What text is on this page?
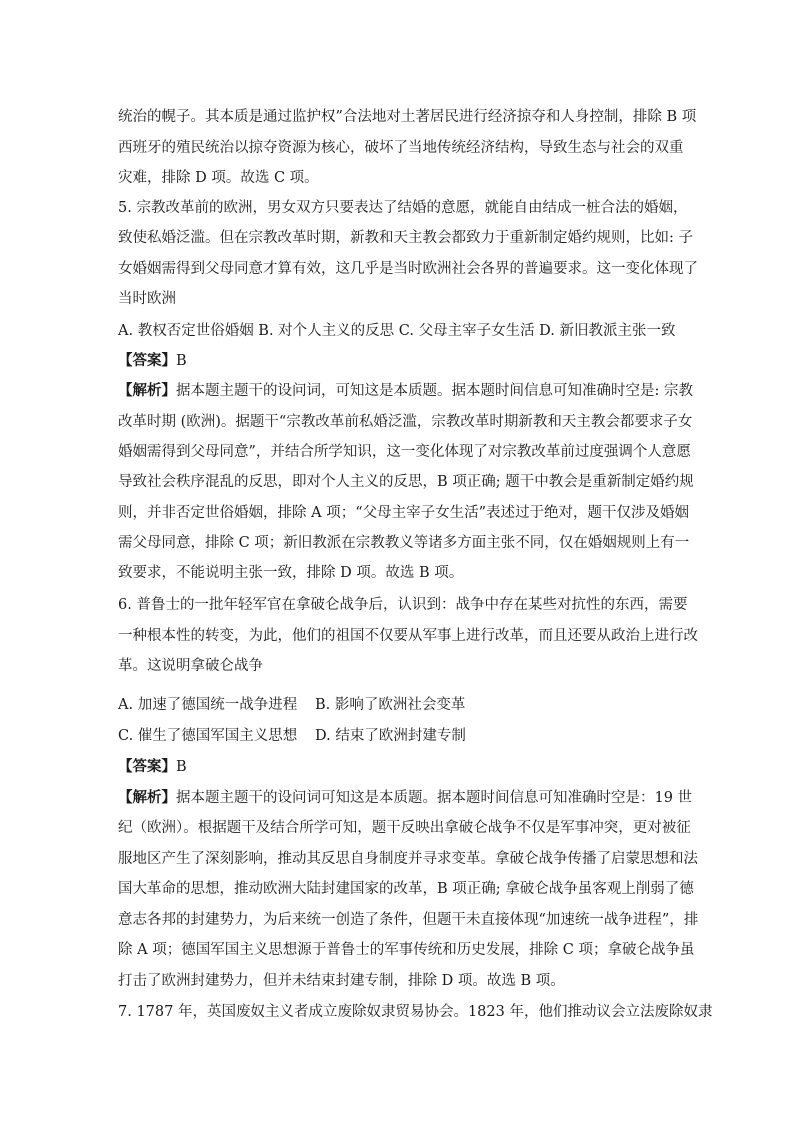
统治的幌子。其本质是通过监护权”合法地对土著居民进行经济掠夺和人身控制，排除 B 项
西班牙的殖民统治以掠夺资源为核心，破坏了当地传统经济结构，导致生态与社会的双重
灾难，排除 D 项。故选 C 项。
5. 宗教改革前的欧洲，男女双方只要表达了结婚的意愿，就能自由结成一桩合法的婚姻，
致使私婚泛滥。但在宗教改革时期，新教和天主教会都致力于重新制定婚约规则，比如: 子
女婚姻需得到父母同意才算有效，这几乎是当时欧洲社会各界的普遍要求。这一变化体现了
当时欧洲
A. 教权否定世俗婚姻 B. 对个人主义的反思 C. 父母主宰子女生活 D. 新旧教派主张一致
【答案】B
【解析】据本题主题干的设问词，可知这是本质题。据本题时间信息可知准确时空是: 宗教
改革时期 (欧洲)。据题干“宗教改革前私婚泛滥，宗教改革时期新教和天主教会都要求子女
婚姻需得到父母同意”，并结合所学知识，这一变化体现了对宗教改革前过度强调个人意愿
导致社会秩序混乱的反思，即对个人主义的反思，B 项正确; 题干中教会是重新制定婚约规
则，并非否定世俗婚姻，排除 A 项；“父母主宰子女生活”表述过于绝对，题干仅涉及婚姻
需父母同意，排除 C 项；新旧教派在宗教教义等诸多方面主张不同，仅在婚姻规则上有一
致要求，不能说明主张一致，排除 D 项。故选 B 项。
6. 普鲁士的一批年轻军官在拿破仑战争后，认识到：战争中存在某些对抗性的东西，需要
一种根本性的转变，为此，他们的祖国不仅要从军事上进行改革，而且还要从政治上进行改
革。这说明拿破仑战争
A. 加速了德国统一战争进程 B. 影响了欧洲社会变革
C. 催生了德国军国主义思想 D. 结束了欧洲封建专制
【答案】B
【解析】据本题主题干的设问词可知这是本质题。据本题时间信息可知准确时空是：19 世
纪（欧洲）。根据题干及结合所学可知，题干反映出拿破仑战争不仅是军事冲突，更对被征
服地区产生了深刻影响，推动其反思自身制度并寻求变革。拿破仑战争传播了启蒙思想和法
国大革命的思想，推动欧洲大陆封建国家的改革，B 项正确; 拿破仑战争虽客观上削弱了德
意志各邦的封建势力，为后来统一创造了条件，但题干未直接体现“加速统一战争进程”，排
除 A 项；德国军国主义思想源于普鲁士的军事传统和历史发展，排除 C 项；拿破仑战争虽
打击了欧洲封建势力，但并未结束封建专制，排除 D 项。故选 B 项。
7. 1787 年，英国废奴主义者成立废除奴隶贸易协会。1823 年，他们推动议会立法废除奴隶
